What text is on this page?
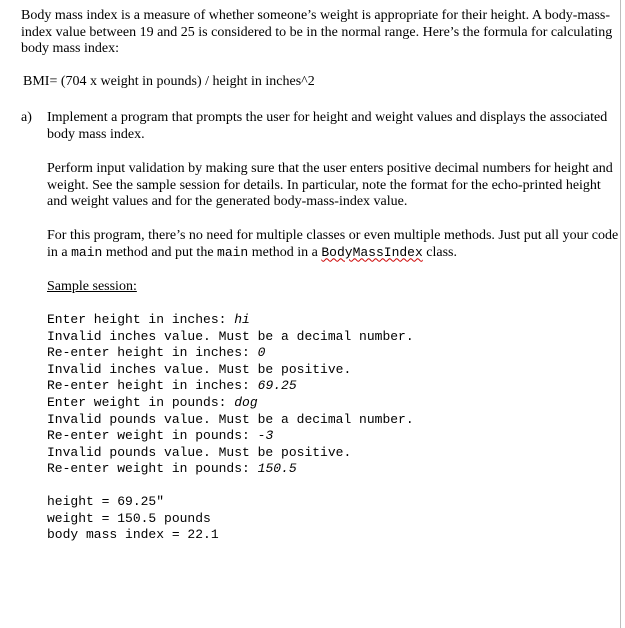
Body mass index is a measure of whether someone’s weight is appropriate for their height. A body-mass-index value between 19 and 25 is considered to be in the normal range. Here’s the formula for calculating body mass index:

BMI= (704 x weight in pounds) / height in inches^2

a) Implement a program that prompts the user for height and weight values and displays the associated body mass index.

Perform input validation by making sure that the user enters positive decimal numbers for height and weight. See the sample session for details. In particular, note the format for the echo-printed height and weight values and for the generated body-mass-index value.

For this program, there’s no need for multiple classes or even multiple methods. Just put all your code in a main method and put the main method in a BodyMassIndex class.

Sample session:

Enter height in inches: hi
Invalid inches value. Must be a decimal number.
Re-enter height in inches: 0
Invalid inches value. Must be positive.
Re-enter height in inches: 69.25
Enter weight in pounds: dog
Invalid pounds value. Must be a decimal number.
Re-enter weight in pounds: -3
Invalid pounds value. Must be positive.
Re-enter weight in pounds: 150.5
height = 69.25"
weight = 150.5 pounds
body mass index = 22.1
